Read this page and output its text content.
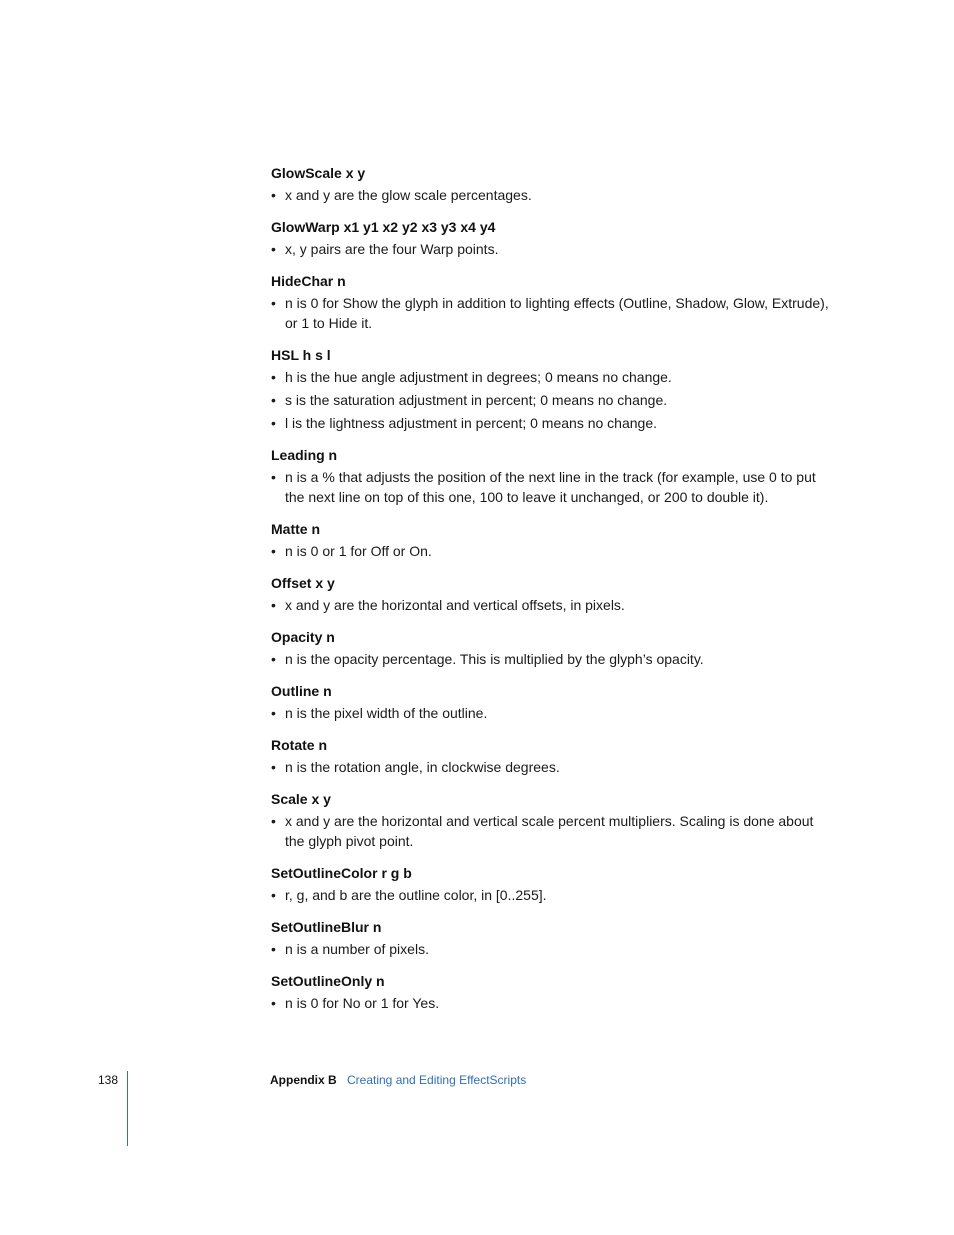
GlowScale x y
• x and y are the glow scale percentages.
GlowWarp x1 y1 x2 y2 x3 y3 x4 y4
• x, y pairs are the four Warp points.
HideChar n
• n is 0 for Show the glyph in addition to lighting effects (Outline, Shadow, Glow, Extrude), or 1 to Hide it.
HSL h s l
• h is the hue angle adjustment in degrees; 0 means no change.
• s is the saturation adjustment in percent; 0 means no change.
• l is the lightness adjustment in percent; 0 means no change.
Leading n
• n is a % that adjusts the position of the next line in the track (for example, use 0 to put the next line on top of this one, 100 to leave it unchanged, or 200 to double it).
Matte n
• n is 0 or 1 for Off or On.
Offset x y
• x and y are the horizontal and vertical offsets, in pixels.
Opacity n
• n is the opacity percentage. This is multiplied by the glyph’s opacity.
Outline n
• n is the pixel width of the outline.
Rotate n
• n is the rotation angle, in clockwise degrees.
Scale x y
• x and y are the horizontal and vertical scale percent multipliers. Scaling is done about the glyph pivot point.
SetOutlineColor r g b
• r, g, and b are the outline color, in [0..255].
SetOutlineBlur n
• n is a number of pixels.
SetOutlineOnly n
• n is 0 for No or 1 for Yes.
138	Appendix B Creating and Editing EffectScripts
